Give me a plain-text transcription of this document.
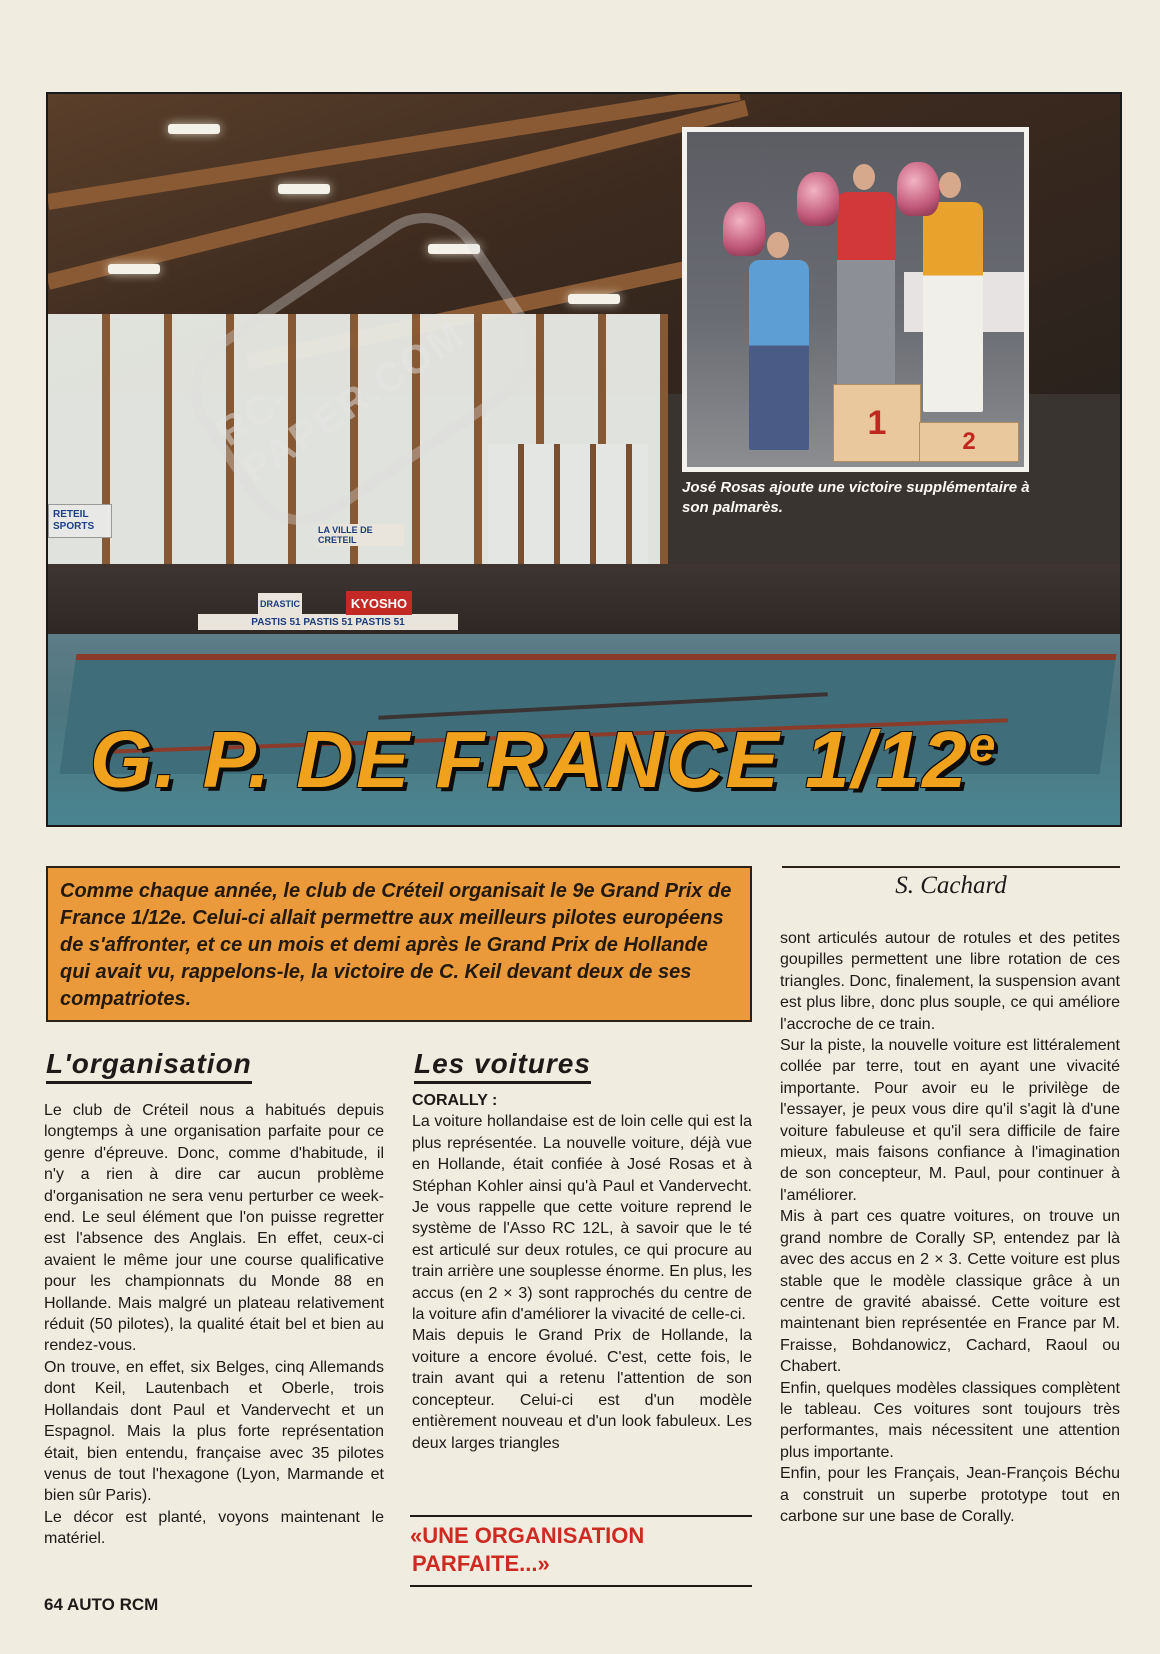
RETEIL SPORTS	LA VILLE DE CRETEIL
PASTIS 51 PASTIS 51 PASTIS 51
DRASTIC	KYOSHO
RC-PAPER.COM	1	2
José Rosas ajoute une victoire supplémentaire à son palmarès.
G. P. DE FRANCE 1/12e
Comme chaque année, le club de Créteil organisait le 9e Grand Prix de France 1/12e. Celui-ci allait permettre aux meilleurs pilotes européens de s'affronter, et ce un mois et demi après le Grand Prix de Hollande qui avait vu, rappelons-le, la victoire de C. Keil devant deux de ses compatriotes.
S. Cachard
L'organisation

Le club de Créteil nous a habitués depuis longtemps à une organisation parfaite pour ce genre d'épreuve. Donc, comme d'habitude, il n'y a rien à dire car aucun problème d'organisation ne sera venu perturber ce week-end. Le seul élément que l'on puisse regretter est l'absence des Anglais. En effet, ceux-ci avaient le même jour une course qualificative pour les championnats du Monde 88 en Hollande. Mais malgré un plateau relativement réduit (50 pilotes), la qualité était bel et bien au rendez-vous.

On trouve, en effet, six Belges, cinq Allemands dont Keil, Lautenbach et Oberle, trois Hollandais dont Paul et Vandervecht et un Espagnol. Mais la plus forte représentation était, bien entendu, française avec 35 pilotes venus de tout l'hexagone (Lyon, Marmande et bien sûr Paris).

Le décor est planté, voyons maintenant le matériel.

Les voitures

CORALLY :

La voiture hollandaise est de loin celle qui est la plus représentée. La nouvelle voiture, déjà vue en Hollande, était confiée à José Rosas et à Stéphan Kohler ainsi qu'à Paul et Vandervecht. Je vous rappelle que cette voiture reprend le système de l'Asso RC 12L, à savoir que le té est articulé sur deux rotules, ce qui procure au train arrière une souplesse énorme. En plus, les accus (en 2 × 3) sont rapprochés du centre de la voiture afin d'améliorer la vivacité de celle-ci.

Mais depuis le Grand Prix de Hollande, la voiture a encore évolué. C'est, cette fois, le train avant qui a retenu l'attention de son concepteur. Celui-ci est d'un modèle entièrement nouveau et d'un look fabuleux. Les deux larges triangles

«UNE ORGANISATION
PARFAITE...»

sont articulés autour de rotules et des petites goupilles permettent une libre rotation de ces triangles. Donc, finalement, la suspension avant est plus libre, donc plus souple, ce qui améliore l'accroche de ce train.

Sur la piste, la nouvelle voiture est littéralement collée par terre, tout en ayant une vivacité importante. Pour avoir eu le privilège de l'essayer, je peux vous dire qu'il s'agit là d'une voiture fabuleuse et qu'il sera difficile de faire mieux, mais faisons confiance à l'imagination de son concepteur, M. Paul, pour continuer à l'améliorer.

Mis à part ces quatre voitures, on trouve un grand nombre de Corally SP, entendez par là avec des accus en 2 × 3. Cette voiture est plus stable que le modèle classique grâce à un centre de gravité abaissé. Cette voiture est maintenant bien représentée en France par M. Fraisse, Bohdanowicz, Cachard, Raoul ou Chabert.

Enfin, quelques modèles classiques complètent le tableau. Ces voitures sont toujours très performantes, mais nécessitent une attention plus importante.

Enfin, pour les Français, Jean-François Béchu a construit un superbe prototype tout en carbone sur une base de Corally.

64 AUTO RCM
